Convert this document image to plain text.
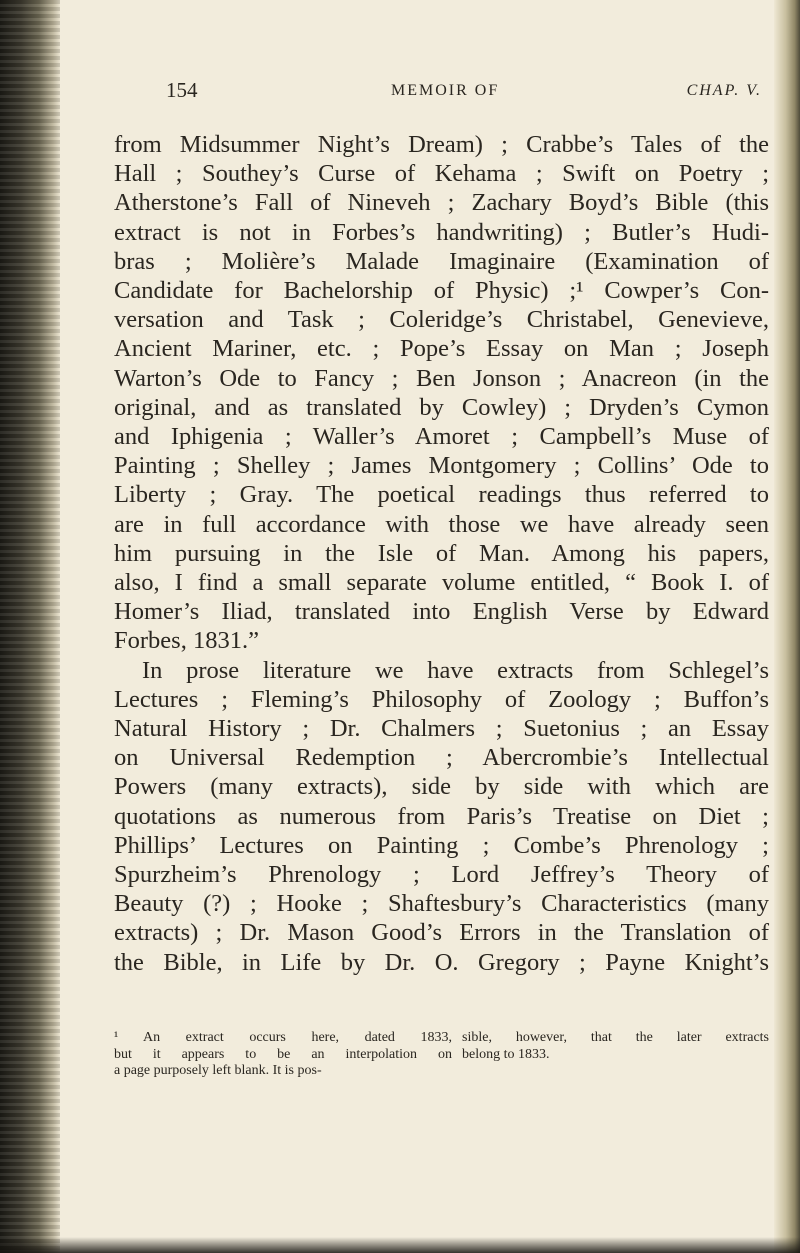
154	MEMOIR OF	CHAP. V.
from Midsummer Night’s Dream) ; Crabbe’s Tales of the
Hall ; Southey’s Curse of Kehama ; Swift on Poetry ;
Atherstone’s Fall of Nineveh ; Zachary Boyd’s Bible (this
extract is not in Forbes’s handwriting) ; Butler’s Hudi-
bras ; Molière’s Malade Imaginaire (Examination of
Candidate for Bachelorship of Physic) ;¹ Cowper’s Con-
versation and Task ; Coleridge’s Christabel, Genevieve,
Ancient Mariner, etc. ; Pope’s Essay on Man ; Joseph
Warton’s Ode to Fancy ; Ben Jonson ; Anacreon (in the
original, and as translated by Cowley) ; Dryden’s Cymon
and Iphigenia ; Waller’s Amoret ; Campbell’s Muse of
Painting ; Shelley ; James Montgomery ; Collins’ Ode to
Liberty ; Gray. The poetical readings thus referred to
are in full accordance with those we have already seen
him pursuing in the Isle of Man. Among his papers,
also, I find a small separate volume entitled, “ Book I. of
Homer’s Iliad, translated into English Verse by Edward
Forbes, 1831.”
In prose literature we have extracts from Schlegel’s
Lectures ; Fleming’s Philosophy of Zoology ; Buffon’s
Natural History ; Dr. Chalmers ; Suetonius ; an Essay
on Universal Redemption ; Abercrombie’s Intellectual
Powers (many extracts), side by side with which are
quotations as numerous from Paris’s Treatise on Diet ;
Phillips’ Lectures on Painting ; Combe’s Phrenology ;
Spurzheim’s Phrenology ; Lord Jeffrey’s Theory of
Beauty (?) ; Hooke ; Shaftesbury’s Characteristics (many
extracts) ; Dr. Mason Good’s Errors in the Translation of
the Bible, in Life by Dr. O. Gregory ; Payne Knight’s
¹ An extract occurs here, dated 1833,
but it appears to be an interpolation on
a page purposely left blank. It is pos-
sible, however, that the later extracts
belong to 1833.
